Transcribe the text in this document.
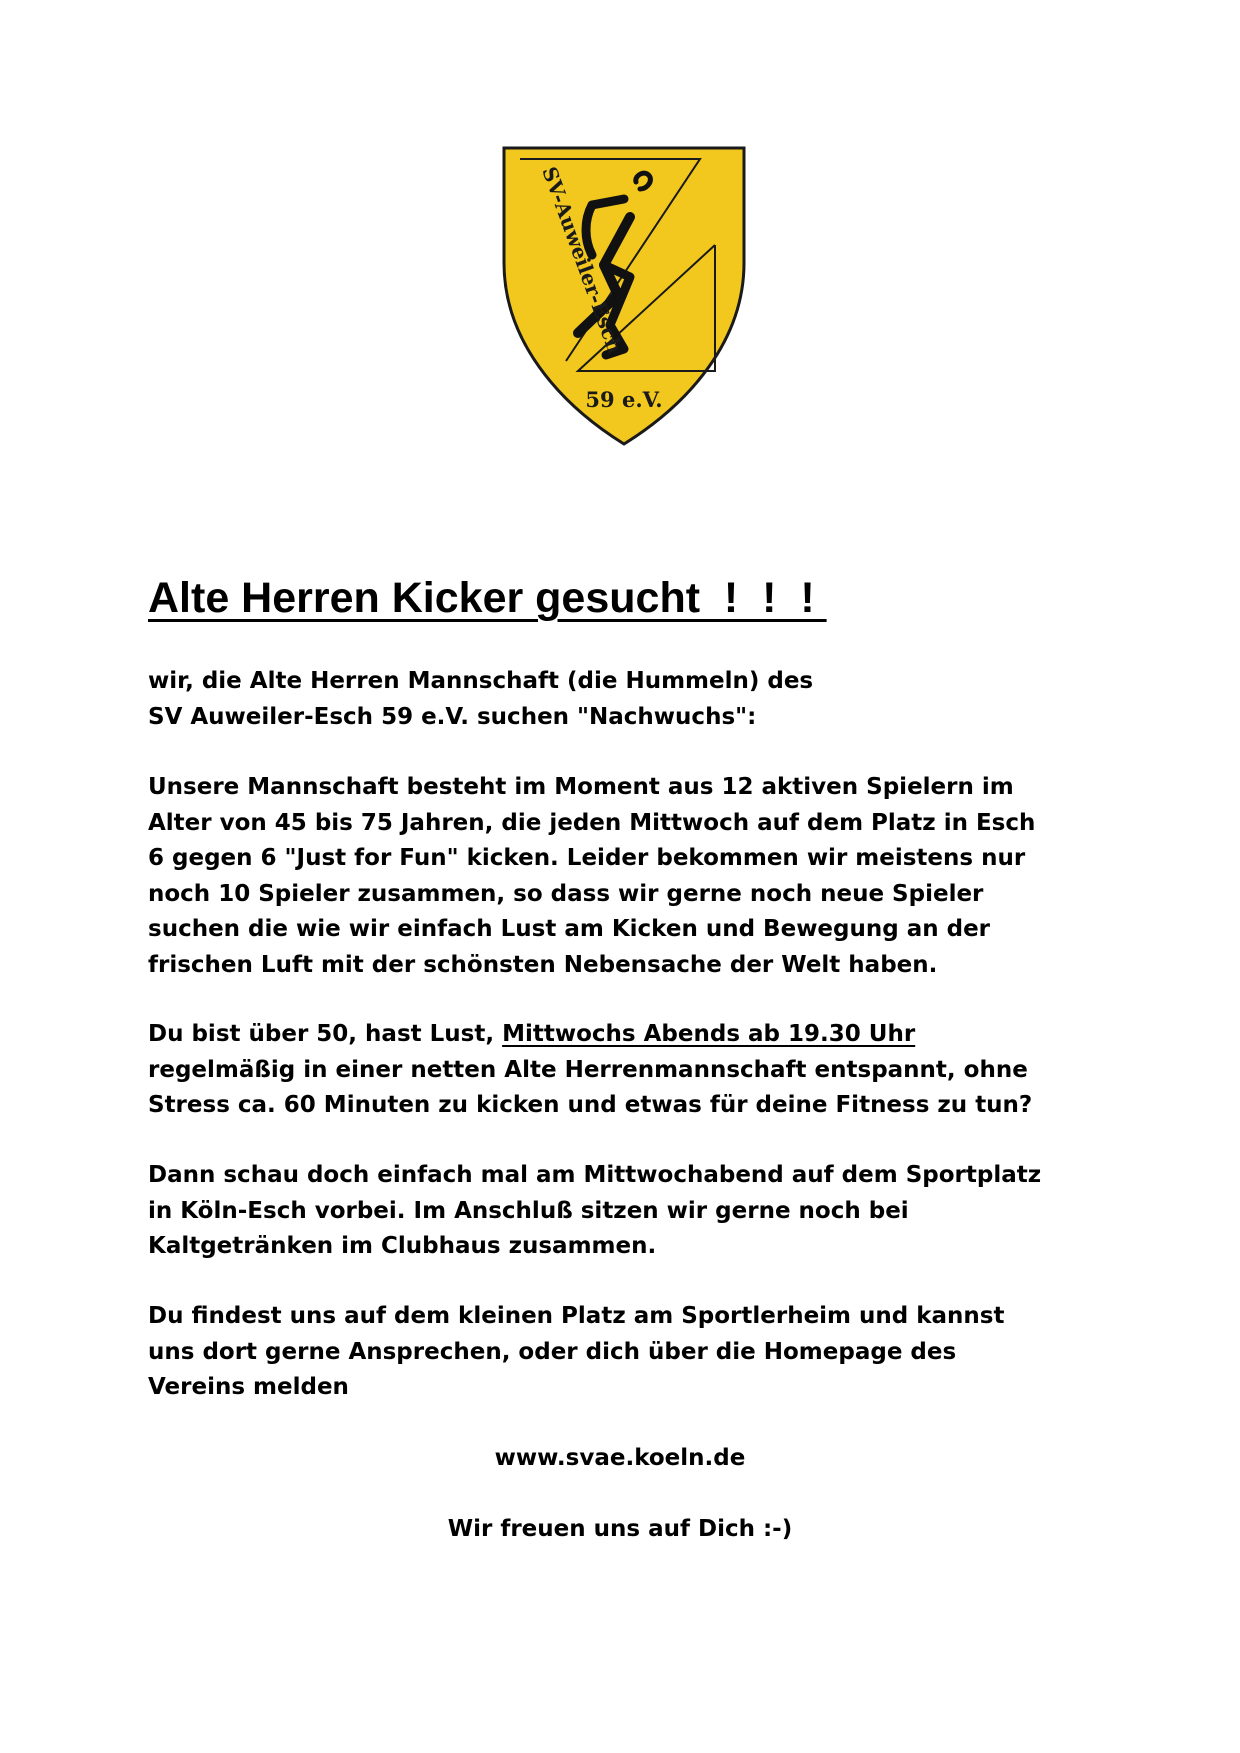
SV-Auweiler-Esch
59 e.V.
Alte Herren Kicker gesucht  !  !  !
wir, die Alte Herren Mannschaft (die Hummeln) des
SV Auweiler-Esch 59 e.V. suchen "Nachwuchs":
Unsere Mannschaft besteht im Moment aus 12 aktiven Spielern im
Alter von 45 bis 75 Jahren, die jeden Mittwoch auf dem Platz in Esch
6 gegen 6 "Just for Fun" kicken. Leider bekommen wir meistens nur
noch 10 Spieler zusammen, so dass wir gerne noch neue Spieler
suchen die wie wir einfach Lust am Kicken und Bewegung an der
frischen Luft mit der schönsten Nebensache der Welt haben.
Du bist über 50, hast Lust, Mittwochs Abends ab 19.30 Uhr
regelmäßig in einer netten Alte Herrenmannschaft entspannt, ohne
Stress ca. 60 Minuten zu kicken und etwas für deine Fitness zu tun?
Dann schau doch einfach mal am Mittwochabend auf dem Sportplatz
in Köln-Esch vorbei. Im Anschluß sitzen wir gerne noch bei
Kaltgetränken im Clubhaus zusammen.
Du findest uns auf dem kleinen Platz am Sportlerheim und kannst
uns dort gerne Ansprechen, oder dich über die Homepage des
Vereins melden

www.svae.koeln.de

Wir freuen uns auf Dich :-)
